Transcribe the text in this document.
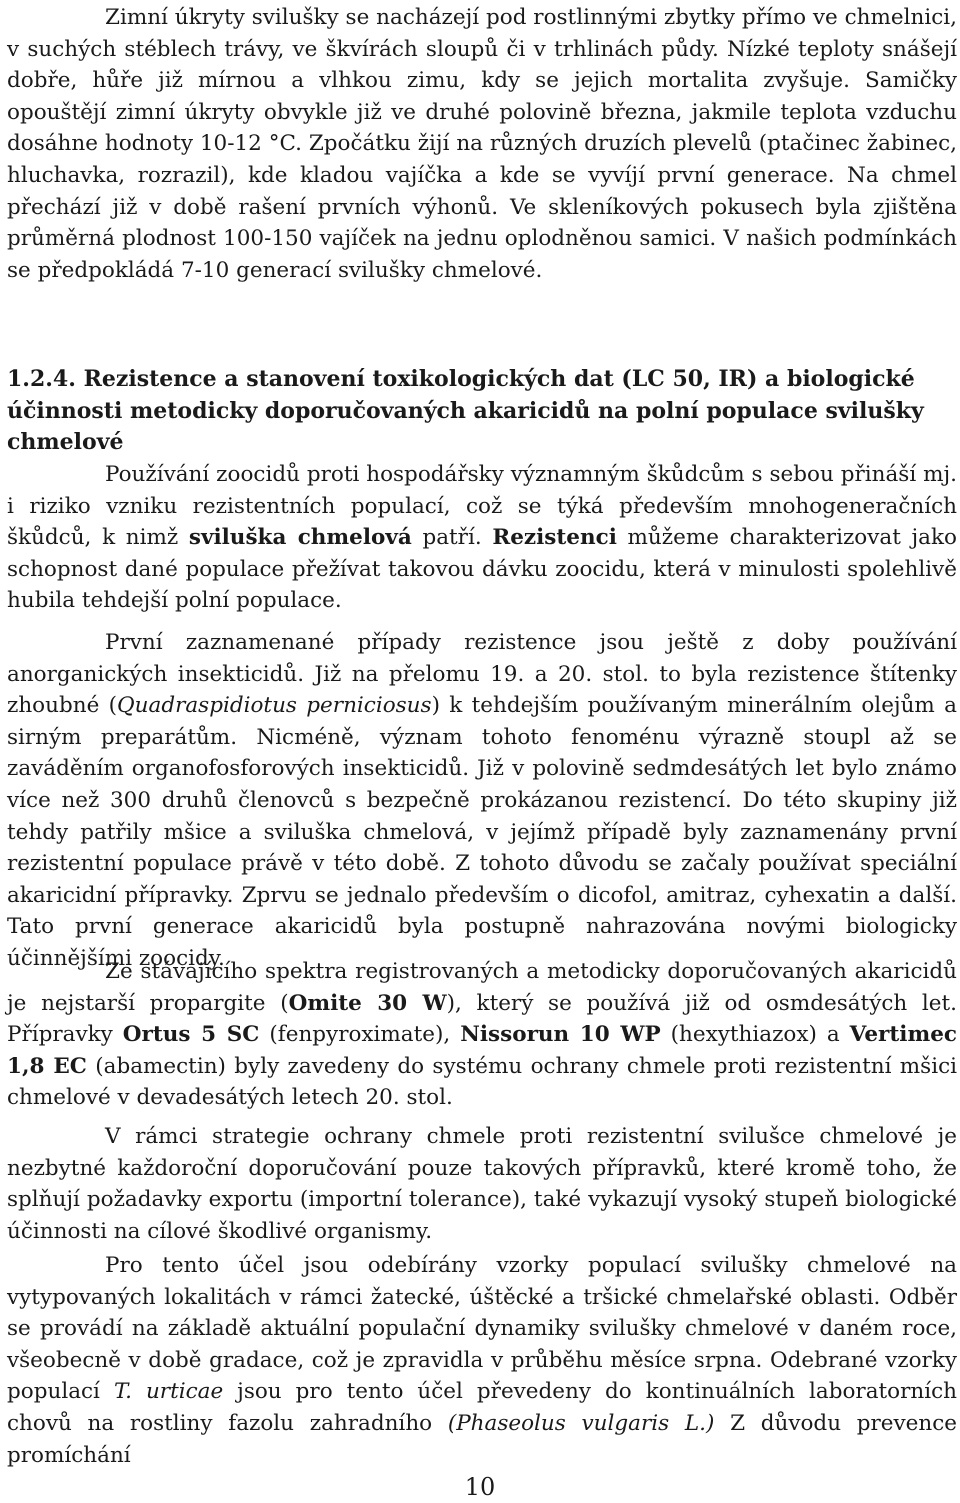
Zimní úkryty svilušky se nacházejí pod rostlinnými zbytky přímo ve chmelnici, v suchých stéblech trávy, ve škvírách sloupů či v trhlinách půdy. Nízké teploty snášejí dobře, hůře již mírnou a vlhkou zimu, kdy se jejich mortalita zvyšuje. Samičky opouštějí zimní úkryty obvykle již ve druhé polovině března, jakmile teplota vzduchu dosáhne hodnoty 10-12 °C. Zpočátku žijí na různých druzích plevelů (ptačinec žabinec, hluchavka, rozrazil), kde kladou vajíčka a kde se vyvíjí první generace. Na chmel přechází již v době rašení prvních výhonů. Ve skleníkových pokusech byla zjištěna průměrná plodnost 100-150 vajíček na jednu oplodněnou samici. V našich podmínkách se předpokládá 7-10 generací svilušky chmelové.

1.2.4. Rezistence a stanovení toxikologických dat (LC 50, IR) a biologické účinnosti metodicky doporučovaných akaricidů na polní populace svilušky chmelové

Používání zoocidů proti hospodářsky významným škůdcům s sebou přináší mj. i riziko vzniku rezistentních populací, což se týká především mnohogeneračních škůdců, k nimž sviluška chmelová patří. Rezistenci můžeme charakterizovat jako schopnost dané populace přežívat takovou dávku zoocidu, která v minulosti spolehlivě hubila tehdejší polní populace.

První zaznamenané případy rezistence jsou ještě z doby používání anorganických insekticidů. Již na přelomu 19. a 20. stol. to byla rezistence štítenky zhoubné (Quadraspidiotus perniciosus) k tehdejším používaným minerálním olejům a sirným preparátům. Nicméně, význam tohoto fenoménu výrazně stoupl až se zaváděním organofosforových insekticidů. Již v polovině sedmdesátých let bylo známo více než 300 druhů členovců s bezpečně prokázanou rezistencí. Do této skupiny již tehdy patřily mšice a sviluška chmelová, v jejímž případě byly zaznamenány první rezistentní populace právě v této době. Z tohoto důvodu se začaly používat speciální akaricidní přípravky. Zprvu se jednalo především o dicofol, amitraz, cyhexatin a další. Tato první generace akaricidů byla postupně nahrazována novými biologicky účinnějšími zoocidy.

Ze stávajícího spektra registrovaných a metodicky doporučovaných akaricidů je nejstarší propargite (Omite 30 W), který se používá již od osmdesátých let. Přípravky Ortus 5 SC (fenpyroximate), Nissorun 10 WP (hexythiazox) a Vertimec 1,8 EC (abamectin) byly zavedeny do systému ochrany chmele proti rezistentní mšici chmelové v devadesátých letech 20. stol.

V rámci strategie ochrany chmele proti rezistentní svilušce chmelové je nezbytné každoroční doporučování pouze takových přípravků, které kromě toho, že splňují požadavky exportu (importní tolerance), také vykazují vysoký stupeň biologické účinnosti na cílové škodlivé organismy.

Pro tento účel jsou odebírány vzorky populací svilušky chmelové na vytypovaných lokalitách v rámci žatecké, úštěcké a tršické chmelařské oblasti. Odběr se provádí na základě aktuální populační dynamiky svilušky chmelové v daném roce, všeobecně v době gradace, což je zpravidla v průběhu měsíce srpna. Odebrané vzorky populací T. urticae jsou pro tento účel převedeny do kontinuálních laboratorních chovů na rostliny fazolu zahradního (Phaseolus vulgaris L.) Z důvodu prevence promíchání

10
